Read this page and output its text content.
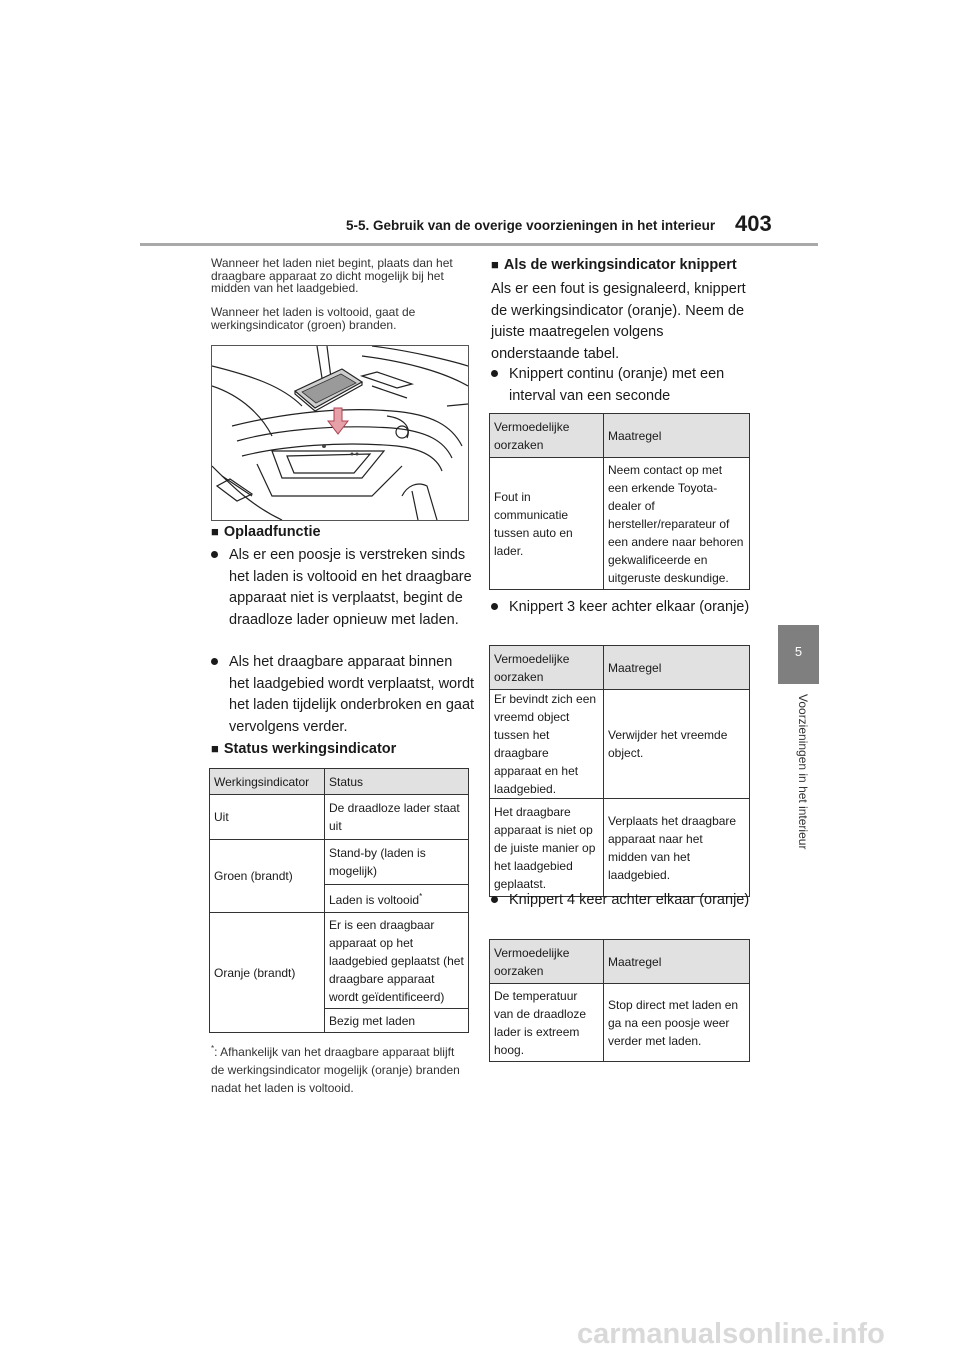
5-5. Gebruik van de overige voorzieningen in het interieur 403
5
Voorzieningen in het interieur
Wanneer het laden niet begint, plaats dan het draagbare apparaat zo dicht mogelijk bij het midden van het laadgebied.
Wanneer het laden is voltooid, gaat de werkingsindicator (groen) branden.
■ Oplaadfunctie
Als er een poosje is verstreken sinds het laden is voltooid en het draagbare apparaat niet is verplaatst, begint de draadloze lader opnieuw met laden.
Als het draagbare apparaat binnen het laadgebied wordt verplaatst, wordt het laden tijdelijk onderbroken en gaat vervolgens verder.
■ Status werkingsindicator
Werkingsindicator	Status
Uit	De draadloze lader staat uit
Groen (brandt)	Stand-by (laden is mogelijk)
	Laden is voltooid*
Oranje (brandt)	Er is een draagbaar apparaat op het laadgebied geplaatst (het draagbare apparaat wordt geïdentificeerd)
	Bezig met laden
*: Afhankelijk van het draagbare apparaat blijft de werkingsindicator mogelijk (oranje) branden nadat het laden is voltooid.
■ Als de werkingsindicator knippert
Als er een fout is gesignaleerd, knippert de werkingsindicator (oranje). Neem de juiste maatregelen volgens onderstaande tabel.
Knippert continu (oranje) met een interval van een seconde
Vermoedelijke oorzaken	Maatregel
Fout in communicatie tussen auto en lader.	Neem contact op met een erkende Toyota-dealer of hersteller/reparateur of een andere naar behoren gekwalificeerde en uitgeruste deskundige.
Knippert 3 keer achter elkaar (oranje)
Vermoedelijke oorzaken	Maatregel
Er bevindt zich een vreemd object tussen het draagbare apparaat en het laadgebied.	Verwijder het vreemde object.
Het draagbare apparaat is niet op de juiste manier op het laadgebied geplaatst.	Verplaats het draagbare apparaat naar het midden van het laadgebied.
Knippert 4 keer achter elkaar (oranje)
Vermoedelijke oorzaken	Maatregel
De temperatuur van de draadloze lader is extreem hoog.	Stop direct met laden en ga na een poosje weer verder met laden.
carmanualsonline.info
